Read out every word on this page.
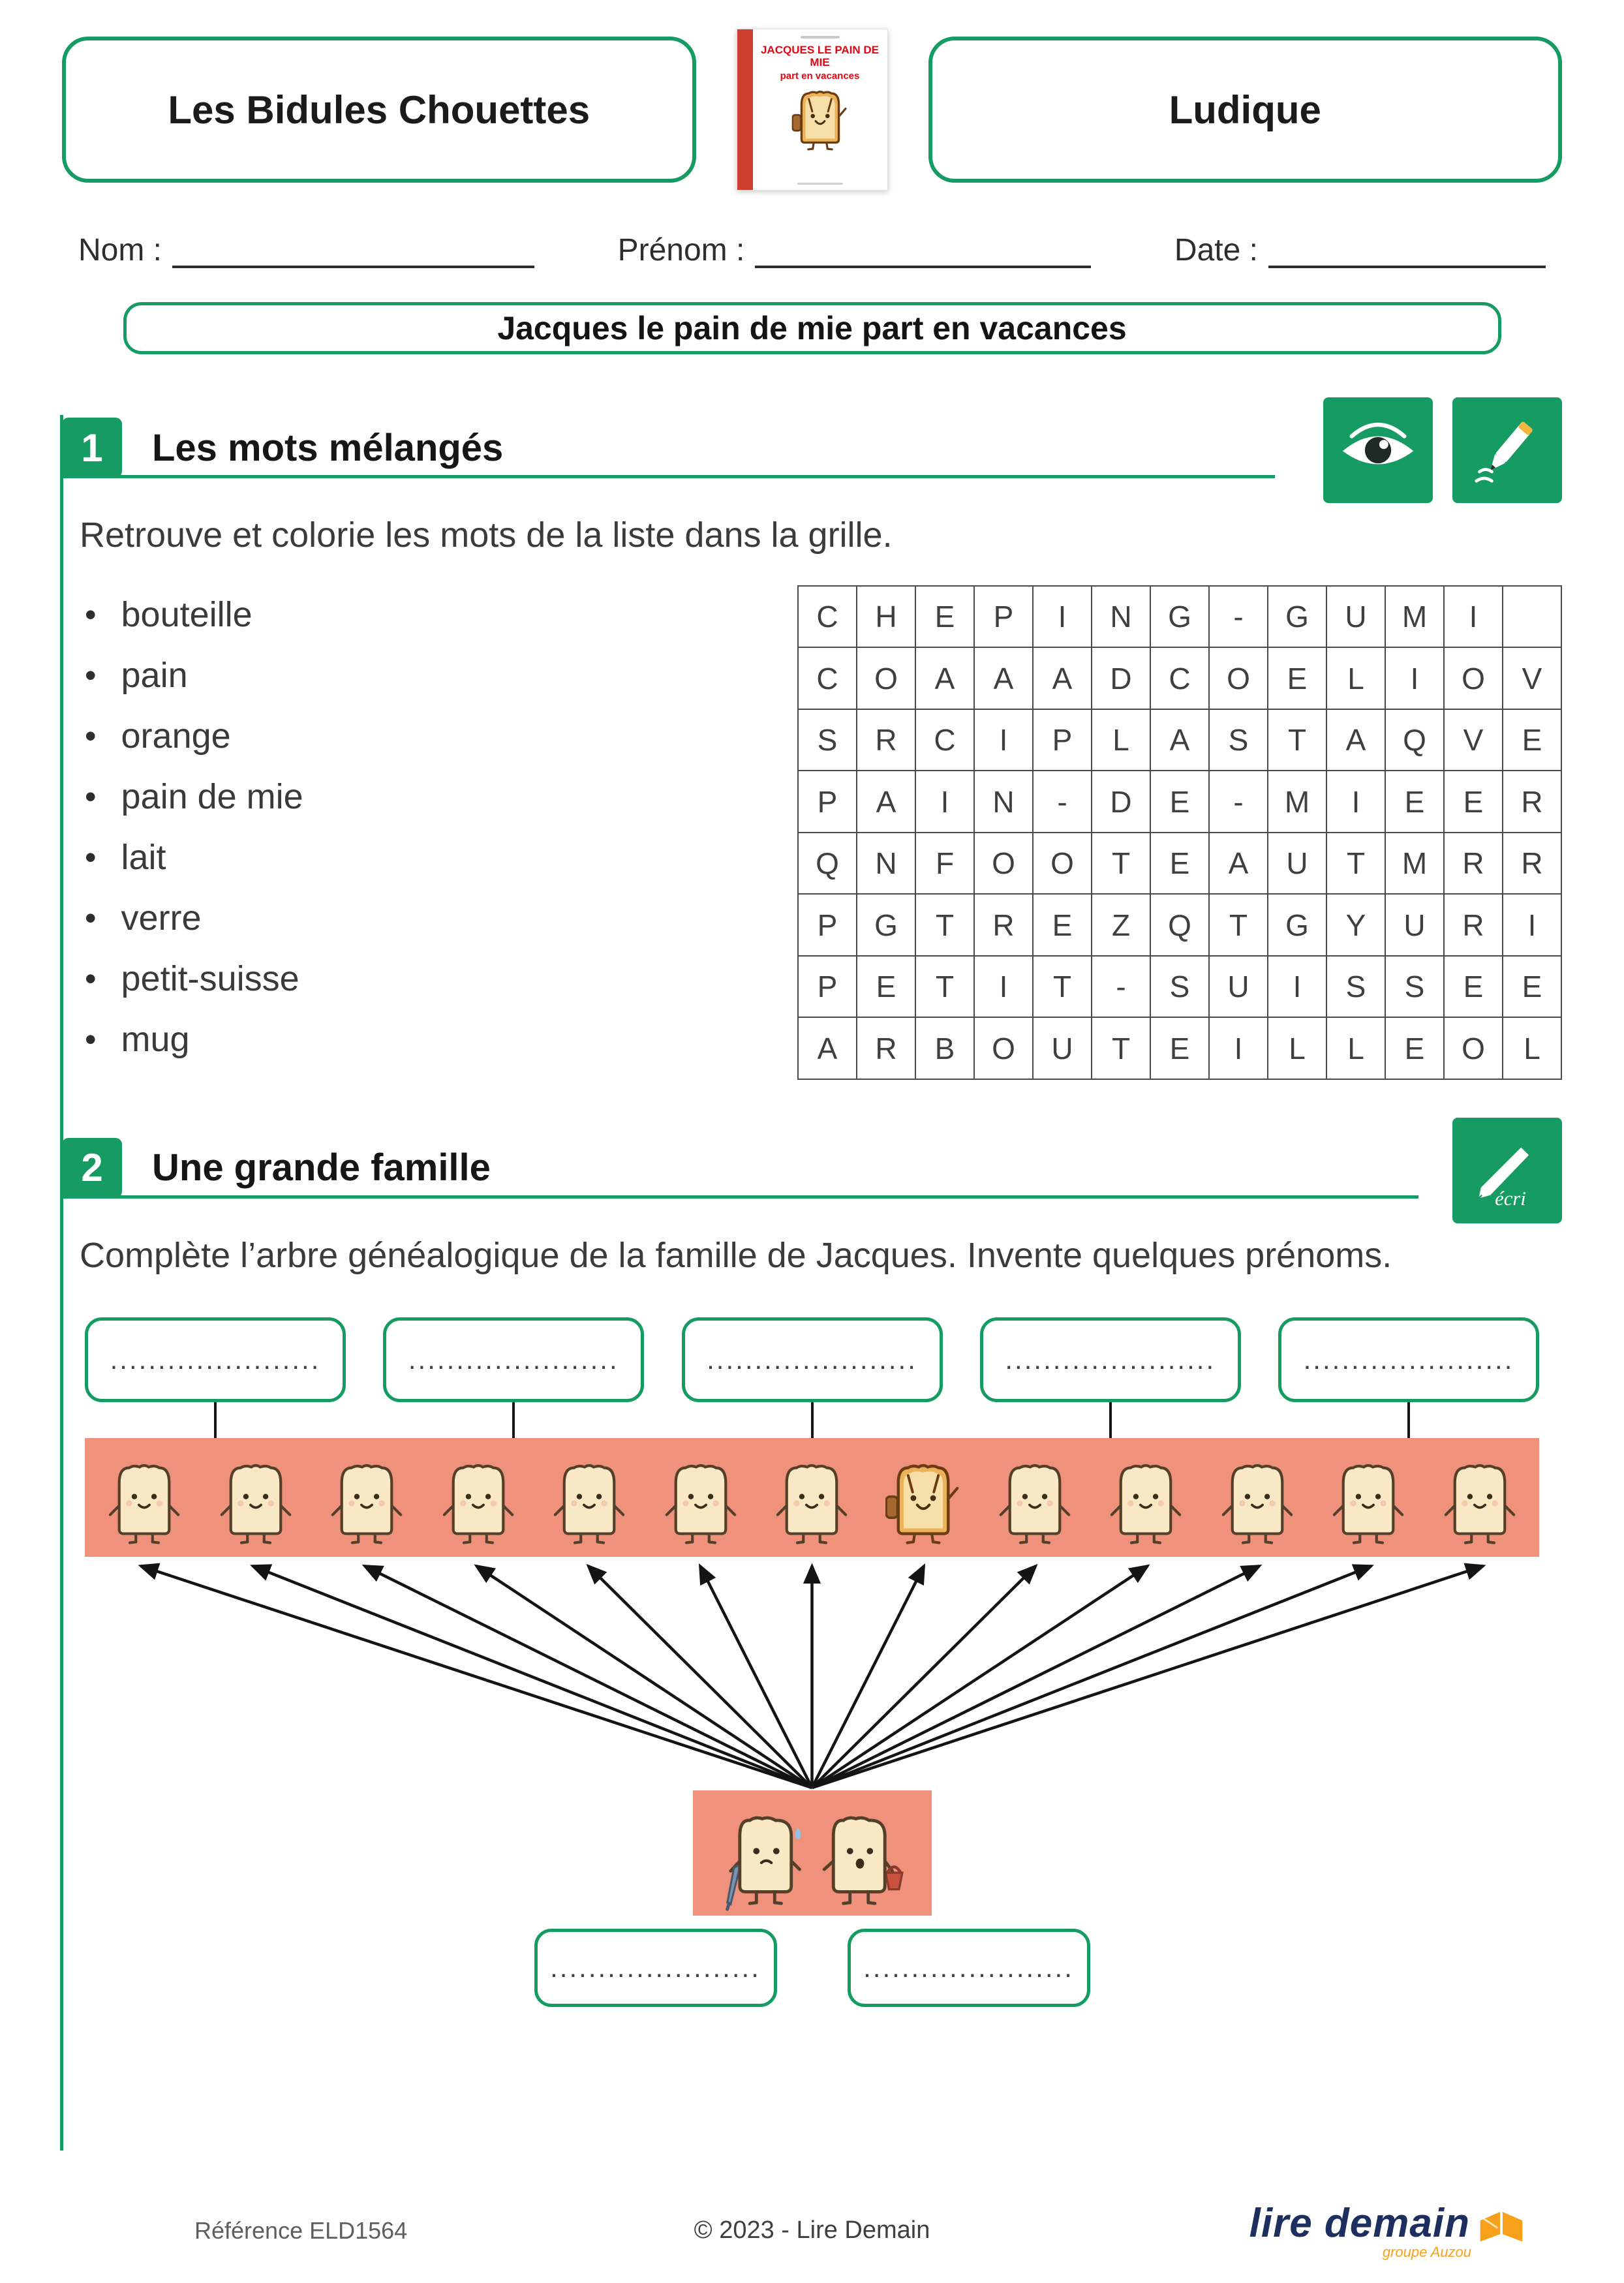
Les Bidules Chouettes
JACQUES LE PAIN DE MIE
part en vacances
Ludique
Nom :	Prénom :	Date :
Jacques le pain de mie part en vacances
1	Les mots mélangés
Retrouve et colorie les mots de la liste dans la grille.
• bouteille
• pain
• orange
• pain de mie
• lait
• verre
• petit-suisse
• mug
C	H	E	P	I	N	G	-	G	U	M	I	
C	O	A	A	A	D	C	O	E	L	I	O	V
S	R	C	I	P	L	A	S	T	A	Q	V	E
P	A	I	N	-	D	E	-	M	I	E	E	R
Q	N	F	O	O	T	E	A	U	T	M	R	R
P	G	T	R	E	Z	Q	T	G	Y	U	R	I
P	E	T	I	T	-	S	U	I	S	S	E	E
A	R	B	O	U	T	E	I	L	L	E	O	L
2	Une grande famille
écri
Complète l’arbre généalogique de la famille de Jacques. Invente quelques prénoms.
......................	......................	......................	......................	......................
......................	......................
Référence ELD1564	© 2023 - Lire Demain	lire demain
groupe Auzou
